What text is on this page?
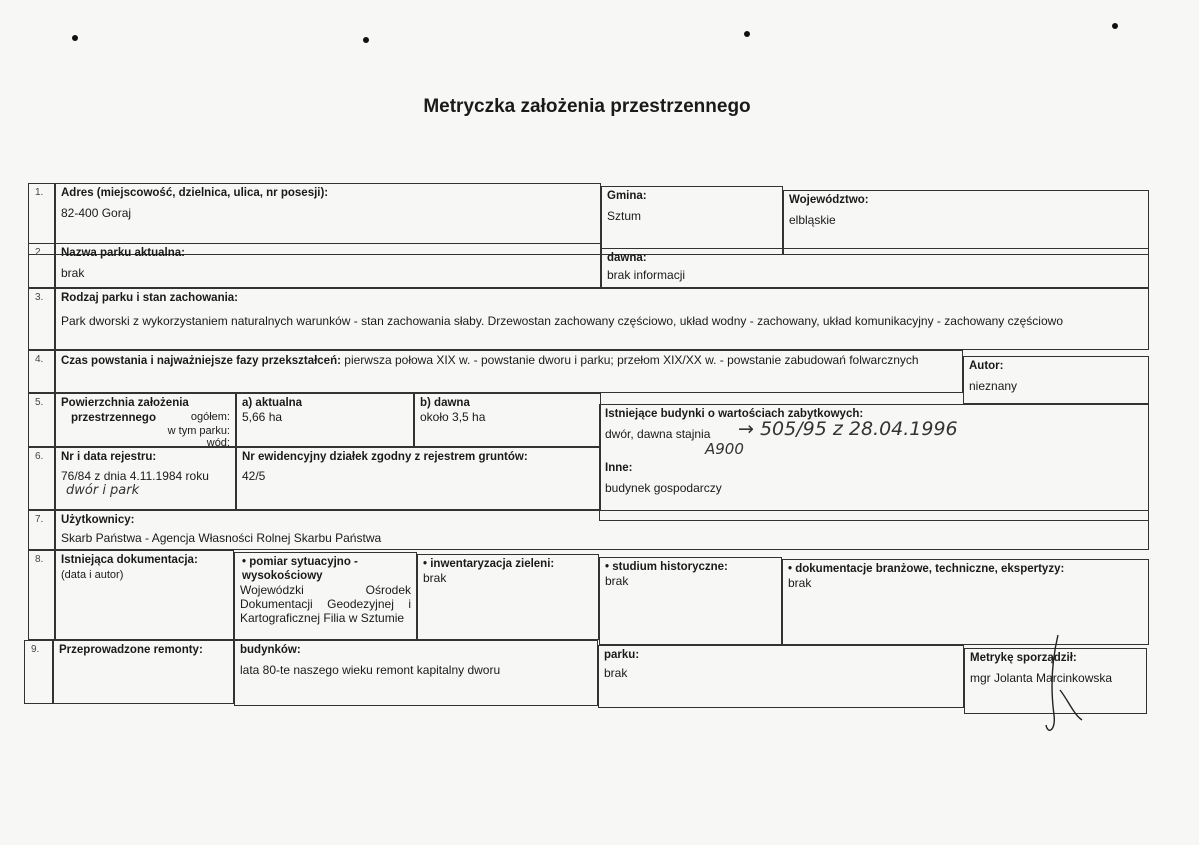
Metryczka założenia przestrzennego
1.	Adres (miejscowość, dzielnica, ulica, nr posesji):
82-400 Goraj
Gmina:
Sztum
Województwo:
elbląskie
2.	Nazwa parku aktualna:
brak
dawna:
brak informacji
3.	Rodzaj parku i stan zachowania:
Park dworski z wykorzystaniem naturalnych warunków - stan zachowania słaby. Drzewostan zachowany częściowo, układ wodny - zachowany, układ komunikacyjny - zachowany częściowo
4.	Czas powstania i najważniejsze fazy przekształceń: pierwsza połowa XIX w. - powstanie dworu i parku; przełom XIX/XX w. - powstanie zabudowań folwarcznych	Autor:
nieznany
5.	Powierzchnia założenia
przestrzennego	ogółem:
w tym parku:
wód:
a) aktualna
5,66 ha
b) dawna
około 3,5 ha	Istniejące budynki o wartościach zabytkowych:
dwór, dawna stajnia
Inne:
budynek gospodarczy
→ 505/95 z 28.04.1996
A900
6.	Nr i data rejestru:
76/84 z dnia 4.11.1984 roku
dwór i park
Nr ewidencyjny działek zgodny z rejestrem gruntów:
42/5
7.	Użytkownicy:
Skarb Państwa - Agencja Własności Rolnej Skarbu Państwa
8.	Istniejąca dokumentacja:
(data i autor)
• pomiar sytuacyjno - wysokościowy
Wojewódzki Ośrodek Dokumentacji Geodezyjnej i Kartograficznej Filia w Sztumie
• inwentaryzacja zieleni:
brak
• studium historyczne:
brak
• dokumentacje branżowe, techniczne, ekspertyzy:
brak
9.	Przeprowadzone remonty:	budynków:
lata 80-te naszego wieku remont kapitalny dworu
parku:
brak
Metrykę sporządził:
mgr Jolanta Marcinkowska
